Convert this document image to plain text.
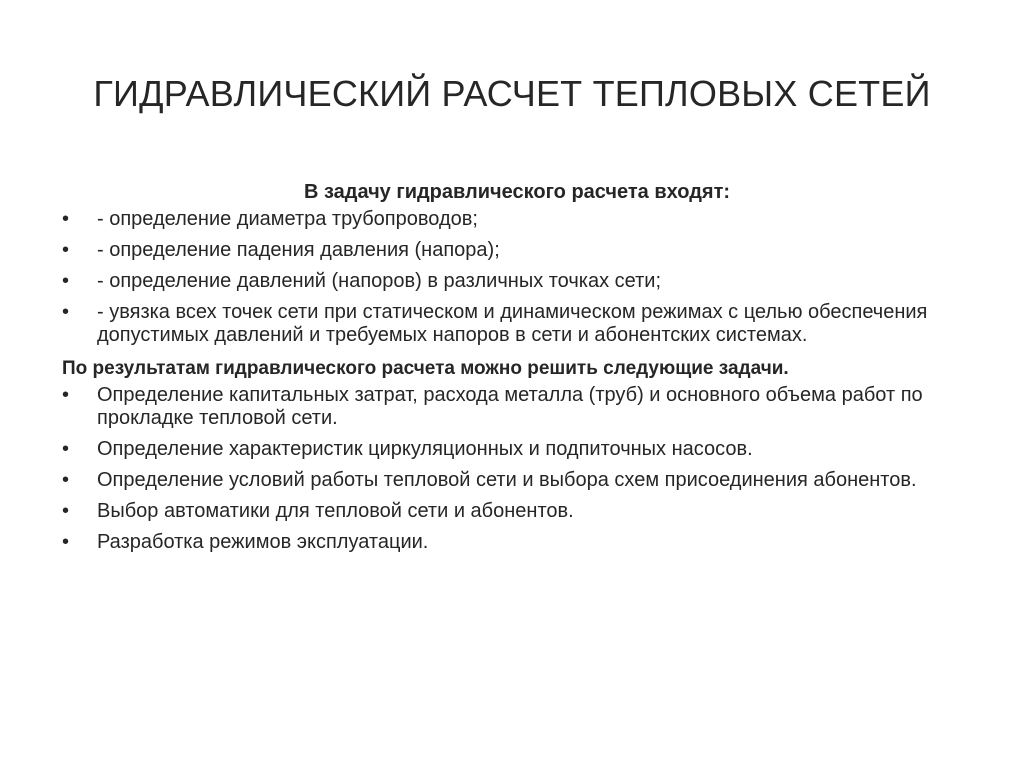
ГИДРАВЛИЧЕСКИЙ РАСЧЕТ ТЕПЛОВЫХ СЕТЕЙ
В задачу гидравлического расчета входят:
•	- определение диаметра трубопроводов;
•	- определение падения давления (напора);
•	- определение давлений (напоров) в различных точках сети;
•	- увязка всех точек сети при статическом и динамическом режимах с целью обеспечения допустимых давлений и требуемых напоров в сети и абонентских системах.
По результатам гидравлического расчета можно решить следующие задачи.
•	Определение капитальных затрат, расхода металла (труб) и основного объема работ по прокладке тепловой сети.
•	Определение характеристик циркуляционных и подпиточных насосов.
•	Определение условий работы тепловой сети и выбора схем присоединения абонентов.
•	Выбор автоматики для тепловой сети и абонентов.
•	Разработка режимов эксплуатации.
